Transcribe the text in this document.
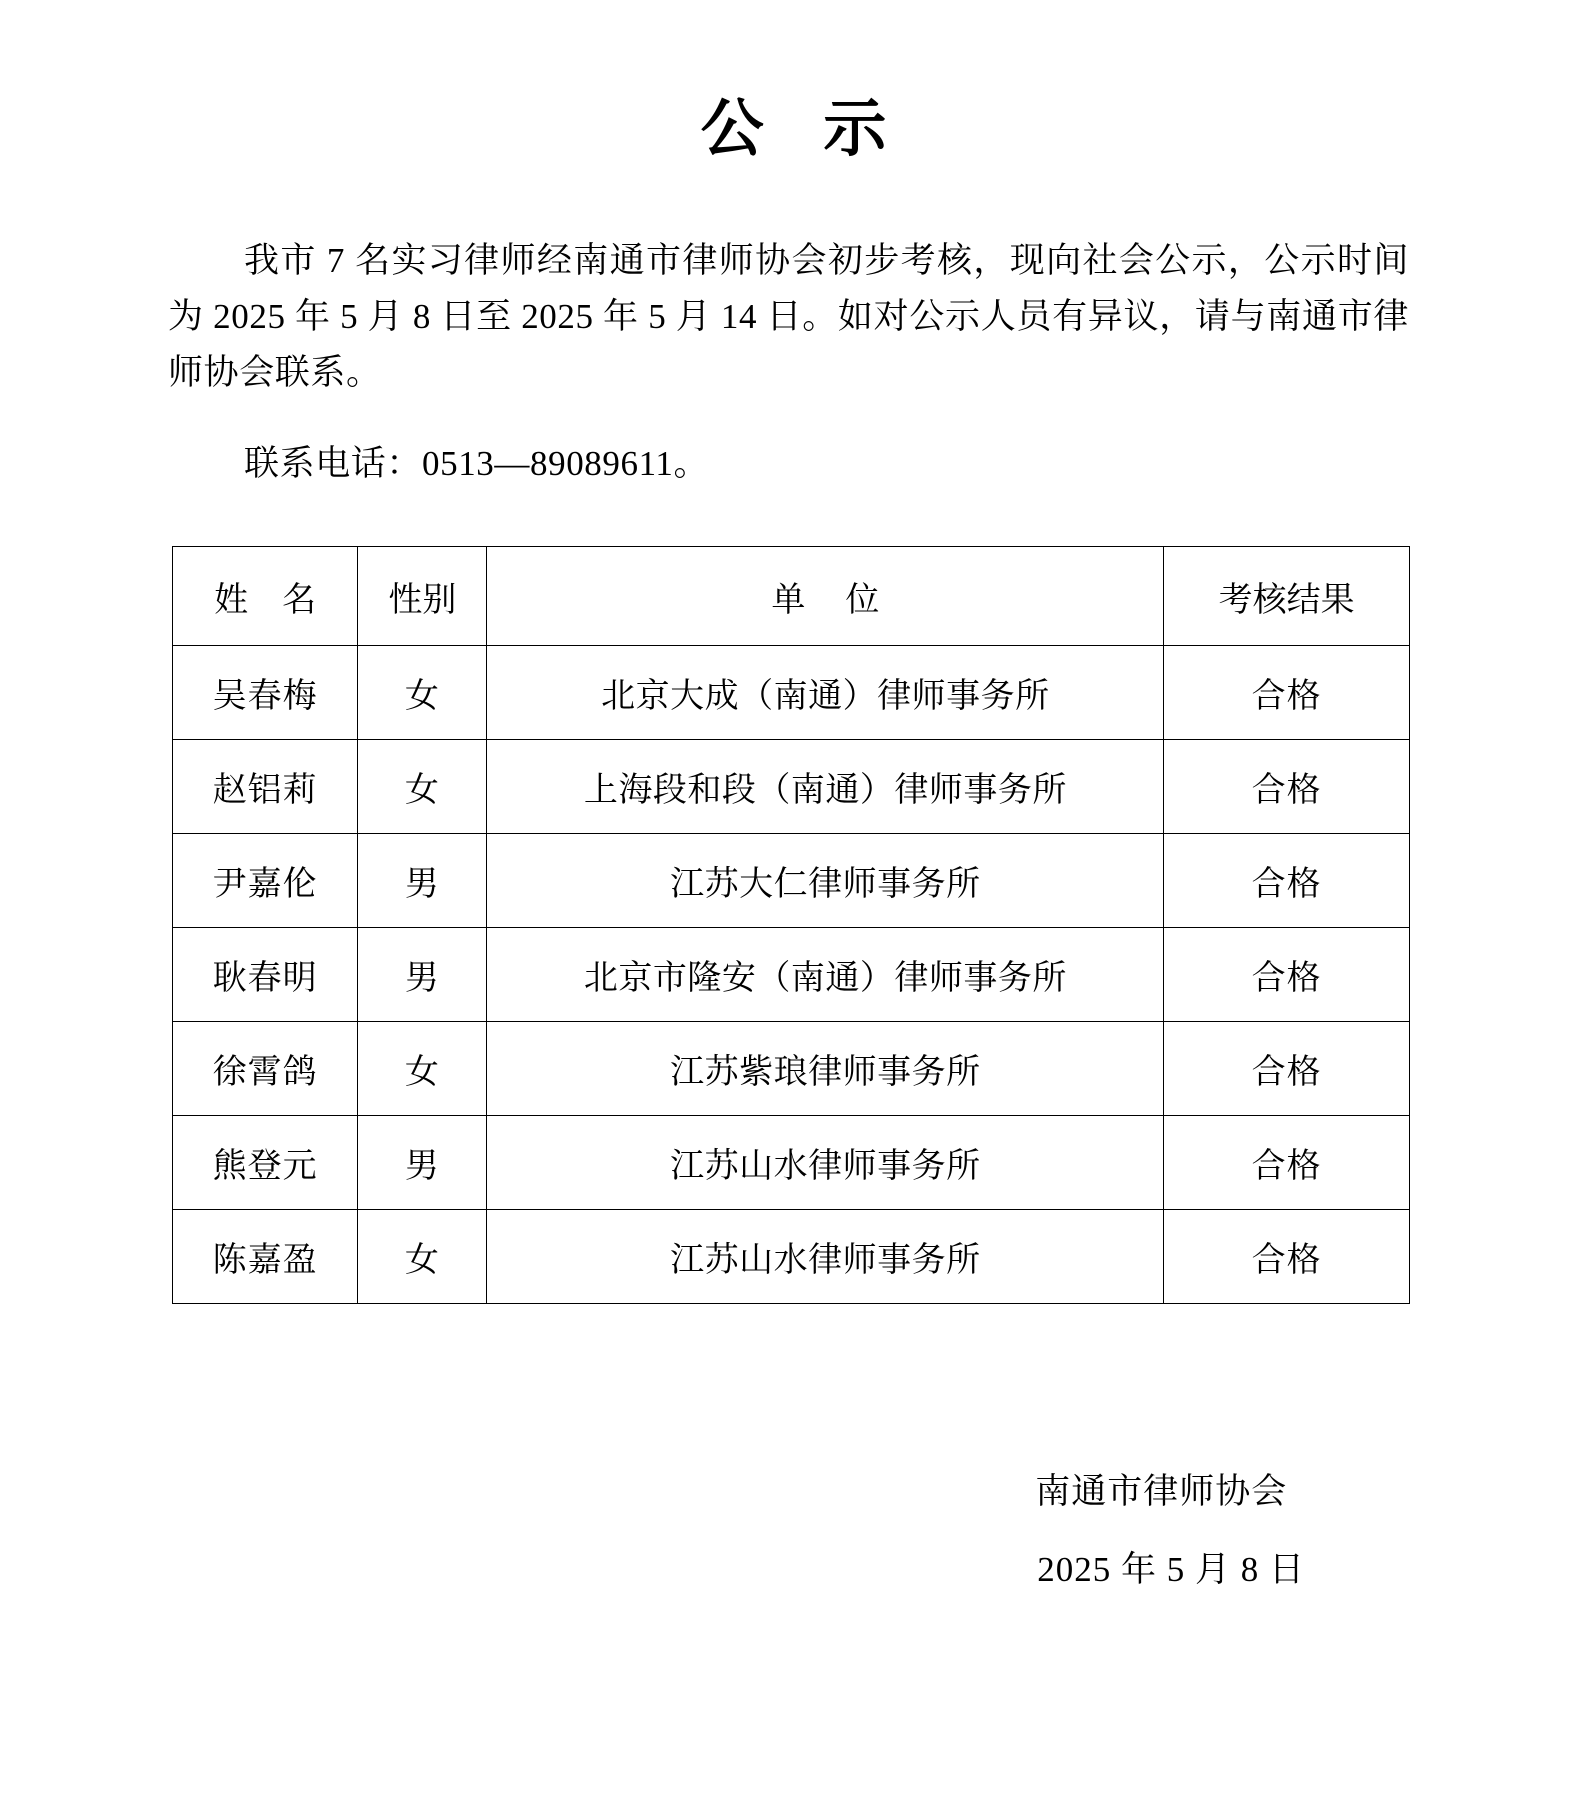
公 示

我市 7 名实习律师经南通市律师协会初步考核，现向社会公示，公示时间为 2025 年 5 月 8 日至 2025 年 5 月 14 日。如对公示人员有异议，请与南通市律师协会联系。

联系电话：0513—89089611。

姓 名	性别	单 位	考核结果
吴春梅	女	北京大成（南通）律师事务所	合格
赵铝莉	女	上海段和段（南通）律师事务所	合格
尹嘉伦	男	江苏大仁律师事务所	合格
耿春明	男	北京市隆安（南通）律师事务所	合格
徐霄鸽	女	江苏紫琅律师事务所	合格
熊登元	男	江苏山水律师事务所	合格
陈嘉盈	女	江苏山水律师事务所	合格
南通市律师协会
2025 年 5 月 8 日
